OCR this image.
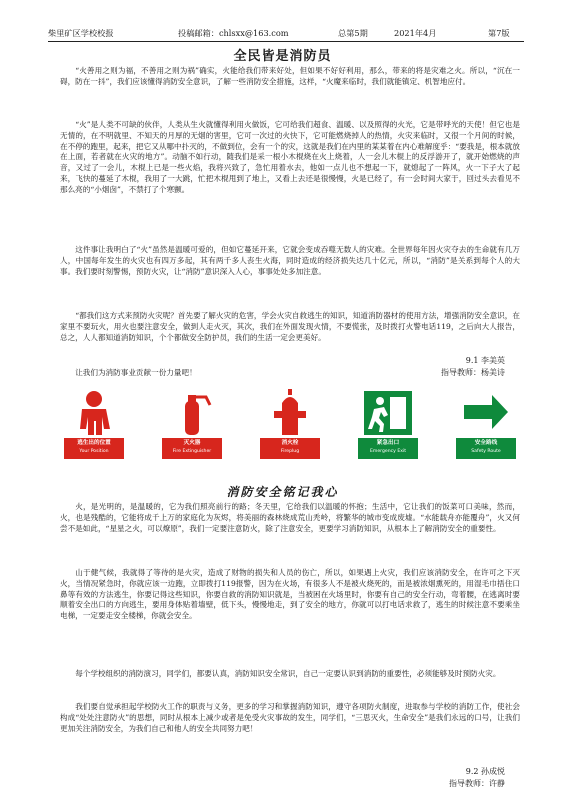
柴里矿区学校校报	投稿邮箱：chlsxx@163.com	总第5期	2021年4月	第7版
全民皆是消防员

“火善用之则为福，不善用之则为祸”确实，火能给我们带来好处，但如果不好好利用，那么，带来的将是灾难之火。所以，“沉在一碍，防在一抖”，我们应该懂得消防安全意识，了解一些消防安全措施，这样，“火魔来临时，我们就能镇定、机智地应付。

“火”是人类不可缺的伙伴，人类从生火就懂得利用火做饭，它可给我们超食、温暖、以及照得的火光，它是带呼光的天使！但它也是无情的，在不明就里、不知天的月厚的无烟的害里，它可一次过的火快下，它可能燃烧掉人的热情，火灾来临时，又很一个月间的时候，在不停的跑里，起来，把它又从哪中扑灭的，不做到位，会有一个的灾，这就是我们在内里的某某着在内心难解度乎：“要我是，根本就放在上面，若者就在火灾的地方”。动脑不如行动，随我们是采一根小木棍烧在火上烧着，人一会儿木棍上的反浮游开了，就开始燃烧的声音，又过了一会儿，木棍上已是一些火焰，我将兴致了，急忙用着水去，他如一点儿也不想起一下，就熄起了一阵风，火一下子大了起来，飞快的蔓延了木棍，我用了一大跳，忙把木棍甩到了地上，又看上去还是很慢慢，火是已经了，有一会时间大家于，回过头去看见不那么亮的“小烟囱”，不禁打了个寒颤。

这件事让我明白了“火”虽然是温暖可爱的，但如它蔓延开来，它就会变成吞噬无数人的灾难。全世界每年因火灾夺去的生命就有几万人，中国每年发生的火灾也有四万多起，其有两千多人丧生火海，同时造成的经济损失达几十亿元，所以，“消防”是关系到每个人的大事。我们要时刻警惕，预防火灾，让“消防”意识深入人心，事事处处多加注意。

“都我们这方式来预防火灾呢？首先要了解火灾的危害，学会火灾自救逃生的知识，知道消防器材的使用方法，增强消防安全意识，在家里不要玩火，用火也要注意安全，做到人走火灭，其次，我们在外面发现火情，不要慌张，及时拨打火警电话119，之后向大人报告，总之，人人都知道消防知识，个个都做安全防护员，我们的生活一定会更美好。

让我们为消防事业贡献一份力量吧！

逃生出的位置
Your Position
灭火器
Fire Extinguisher
消火栓
Fireplug
紧急出口
Emergency Exit
安全路线
Safety Route
9.1 李美英
指导教师：杨美诗
消防安全铭记我心

火，是光明的，是温暖的，它为我们照亮前行的路；冬天里，它给我们以温暖的怀抱；生活中，它让我们的饭菜可口美味，然而，火，也是残酷的，它能将成千上万的家庭化为灰烬，将美丽的森林烧成荒山秃岭，将繁华的城市变成废墟。“水能载舟亦能覆舟”，火又何尝不是如此，“星星之火，可以燎原”，我们一定要注意防火，除了注意安全，更要学习消防知识，从根本上了解消防安全的重要性。

山于健气候，我就得了等待的是火灾，造成了财物的损失和人员的伤亡，所以，如果遇上火灾，我们应该消防安全，在许可之下灭火，当情况紧急时，你就应该一边跑，立即拨打119报警，因为在火场，有很多人不是被火烧死的，而是被浓烟熏死的，用湿毛巾捂住口鼻等有效的方法逃生，你要记得这些知识，你要自救的消防知识就是，当被困在火场里时，你要有自己的安全行动，弯着腰，在逃离时要顺着安全出口的方向逃生，要用身体贴着墙壁，低下头，慢慢地走，到了安全的地方，你就可以打电话求救了，逃生的时候注意不要乘坐电梯，一定要走安全楼梯，你就会安全。

每个学校组织的消防演习，同学们，都要认真，消防知识安全常识，自己一定要认识到消防的重要性，必须能够及时预防火灾。

我们要自觉承担起学校防火工作的职责与义务，更多的学习和掌握消防知识，遵守各项防火制度，进取参与学校的消防工作，使社会构成“处处注意防火”的思想，同时从根本上减少或者是免受火灾事故的发生，同学们，“三思灭火，生命安全”是我们永远的口号，让我们更加关注消防安全，为我们自己和他人的安全共同努力吧！

9.2 孙成悦
指导教师：许静
